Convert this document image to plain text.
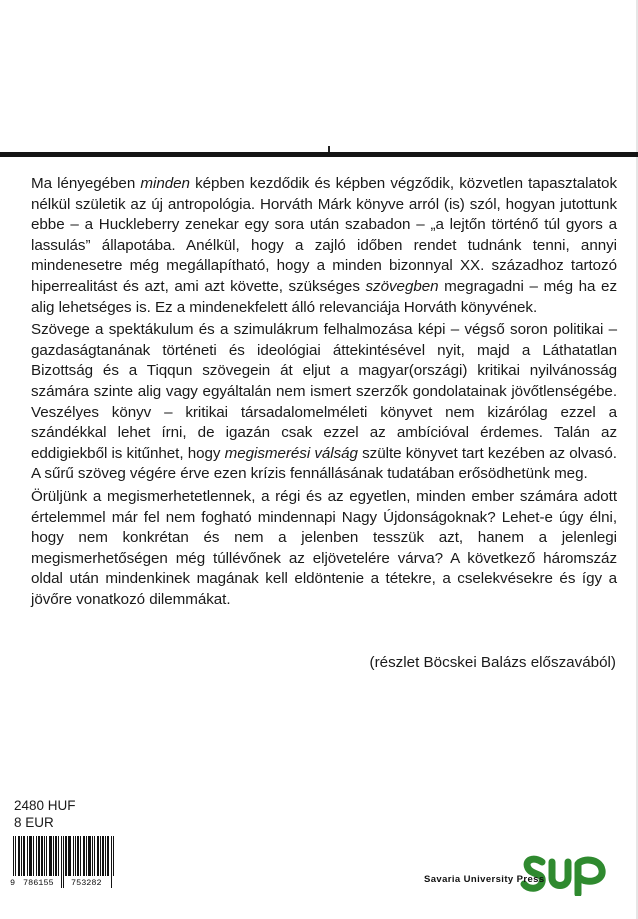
Ma lényegében minden képben kezdődik és képben végződik, közvetlen tapasztalatok nélkül születik az új antropológia. Horváth Márk könyve arról (is) szól, hogyan jutottunk ebbe – a Huckleberry zenekar egy sora után szabadon – „a lejtőn történő túl gyors a lassulás” állapotába. Anélkül, hogy a zajló időben rendet tudnánk tenni, annyi mindenesetre még megállapítható, hogy a minden bizonnyal XX. századhoz tartozó hiperrealitást és azt, ami azt követte, szükséges szövegben megragadni – még ha ez alig lehetséges is. Ez a mindenekfelett álló relevanciája Horváth könyvének.

Szövege a spektákulum és a szimulákrum felhalmozása képi – végső soron politikai – gazdaságtanának történeti és ideológiai áttekintésével nyit, majd a Láthatatlan Bizottság és a Tiqqun szövegein át eljut a magyar(országi) kritikai nyilvánosság számára szinte alig vagy egyáltalán nem ismert szerzők gondolatainak jövőtlenségébe. Veszélyes könyv – kritikai társadalomelméleti könyvet nem kizárólag ezzel a szándékkal lehet írni, de igazán csak ezzel az ambícióval érdemes. Talán az eddigiekből is kitűnhet, hogy megismerési válság szülte könyvet tart kezében az olvasó. A sűrű szöveg végére érve ezen krízis fennállásának tudatában erősödhetünk meg.

Örüljünk a megismerhetetlennek, a régi és az egyetlen, minden ember számára adott értelemmel már fel nem fogható mindennapi Nagy Újdonságoknak? Lehet-e úgy élni, hogy nem konkrétan és nem a jelenben tesszük azt, hanem a jelenlegi megismerhetőségen még túllévőnek az eljövetelére várva? A következő háromszáz oldal után mindenkinek magának kell eldöntenie a tétekre, a cselekvésekre és így a jövőre vonatkozó dilemmákat.

(részlet Böcskei Balázs előszavából)
2480 HUF
8 EUR
9 786155 753282	Savaria University Press
